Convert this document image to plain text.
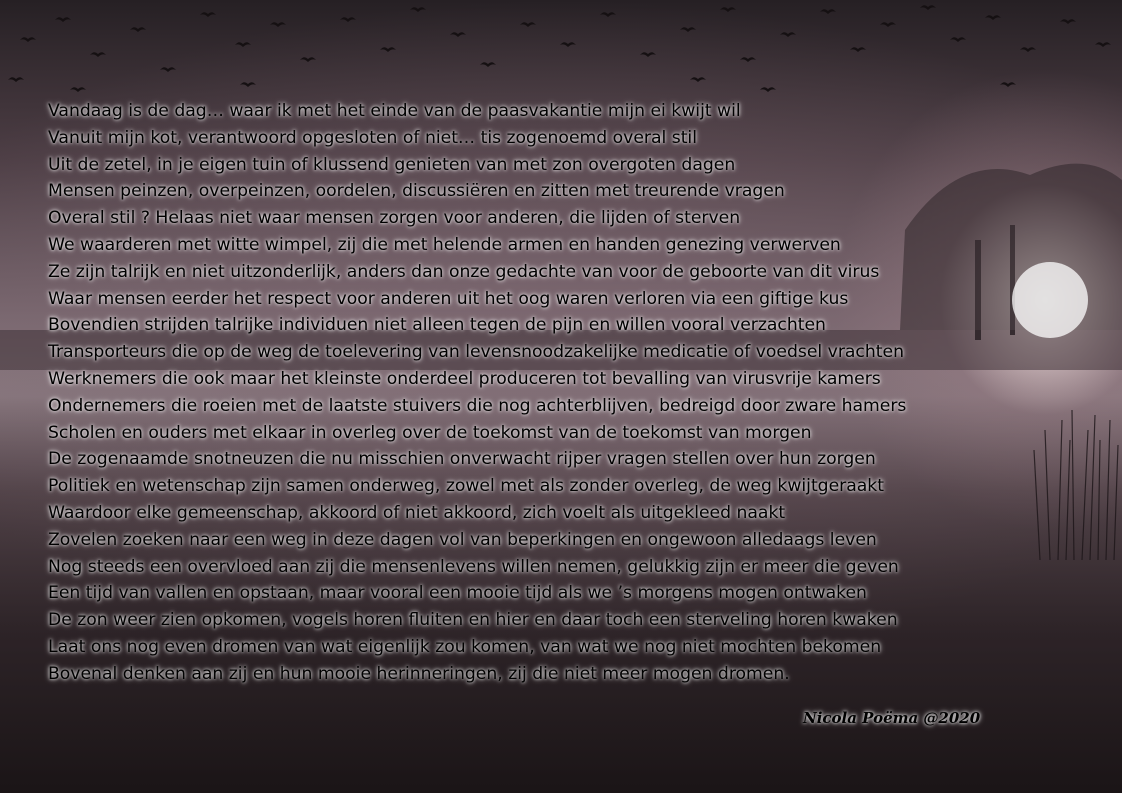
Vandaag is de dag… waar ik met het einde van de paasvakantie mijn ei kwijt wil
Vanuit mijn kot, verantwoord opgesloten of niet… tis zogenoemd overal stil
Uit de zetel, in je eigen tuin of klussend genieten van met zon overgoten dagen
Mensen peinzen, overpeinzen, oordelen, discussiëren en zitten met treurende vragen
Overal stil ? Helaas niet waar mensen zorgen voor anderen, die lijden of sterven
We waarderen met witte wimpel, zij die met helende armen en handen genezing verwerven
Ze zijn talrijk en niet uitzonderlijk, anders dan onze gedachte van voor de geboorte van dit virus
Waar mensen eerder het respect voor anderen uit het oog waren verloren via een giftige kus
Bovendien strijden talrijke individuen niet alleen tegen de pijn en willen vooral verzachten
Transporteurs die op de weg de toelevering van levensnoodzakelijke medicatie of voedsel vrachten
Werknemers die ook maar het kleinste onderdeel produceren tot bevalling van virusvrije kamers
Ondernemers die roeien met de laatste stuivers die nog achterblijven, bedreigd door zware hamers
Scholen en ouders met elkaar in overleg over de toekomst van de toekomst van morgen
De zogenaamde snotneuzen die nu misschien onverwacht rijper vragen stellen over hun zorgen
Politiek en wetenschap zijn samen onderweg, zowel met als zonder overleg, de weg kwijtgeraakt
Waardoor elke gemeenschap, akkoord of niet akkoord, zich voelt als uitgekleed naakt
Zovelen zoeken naar een weg in deze dagen vol van beperkingen en ongewoon alledaags leven
Nog steeds een overvloed aan zij die mensenlevens willen nemen, gelukkig zijn er meer die geven
Een tijd van vallen en opstaan, maar vooral een mooie tijd als we ’s morgens mogen ontwaken
De zon weer zien opkomen, vogels horen fluiten en hier en daar toch een sterveling horen kwaken
Laat ons nog even dromen van wat eigenlijk zou komen, van wat we nog niet mochten bekomen
Bovenal denken aan zij en hun mooie herinneringen, zij die niet meer mogen dromen.
Nicola Poëma @2020
